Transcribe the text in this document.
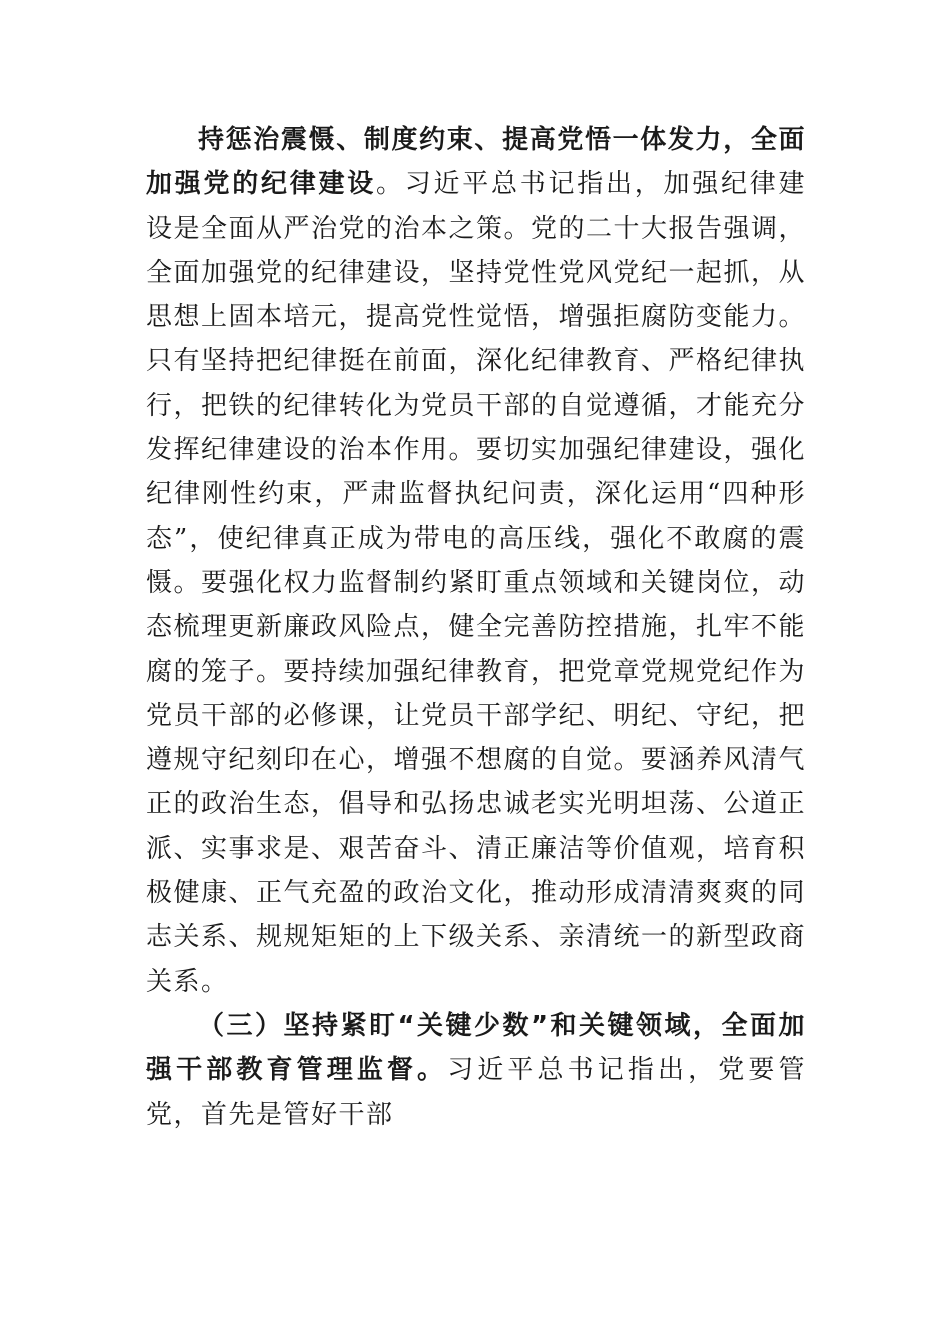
持惩治震慑、制度约束、提高党悟一体发力，全面加强党的纪律建设。习近平总书记指出，加强纪律建设是全面从严治党的治本之策。党的二十大报告强调，全面加强党的纪律建设，坚持党性党风党纪一起抓，从思想上固本培元，提高党性觉悟，增强拒腐防变能力。只有坚持把纪律挺在前面，深化纪律教育、严格纪律执行，把铁的纪律转化为党员干部的自觉遵循，才能充分发挥纪律建设的治本作用。要切实加强纪律建设，强化纪律刚性约束，严肃监督执纪问责，深化运用“四种形态”，使纪律真正成为带电的高压线，强化不敢腐的震慑。要强化权力监督制约紧盯重点领域和关键岗位，动态梳理更新廉政风险点，健全完善防控措施，扎牢不能腐的笼子。要持续加强纪律教育，把党章党规党纪作为党员干部的必修课，让党员干部学纪、明纪、守纪，把遵规守纪刻印在心，增强不想腐的自觉。要涵养风清气正的政治生态，倡导和弘扬忠诚老实光明坦荡、公道正派、实事求是、艰苦奋斗、清正廉洁等价值观，培育积极健康、正气充盈的政治文化，推动形成清清爽爽的同志关系、规规矩矩的上下级关系、亲清统一的新型政商关系。

（三）坚持紧盯“关键少数”和关键领域，全面加强干部教育管理监督。习近平总书记指出，党要管党，首先是管好干部
